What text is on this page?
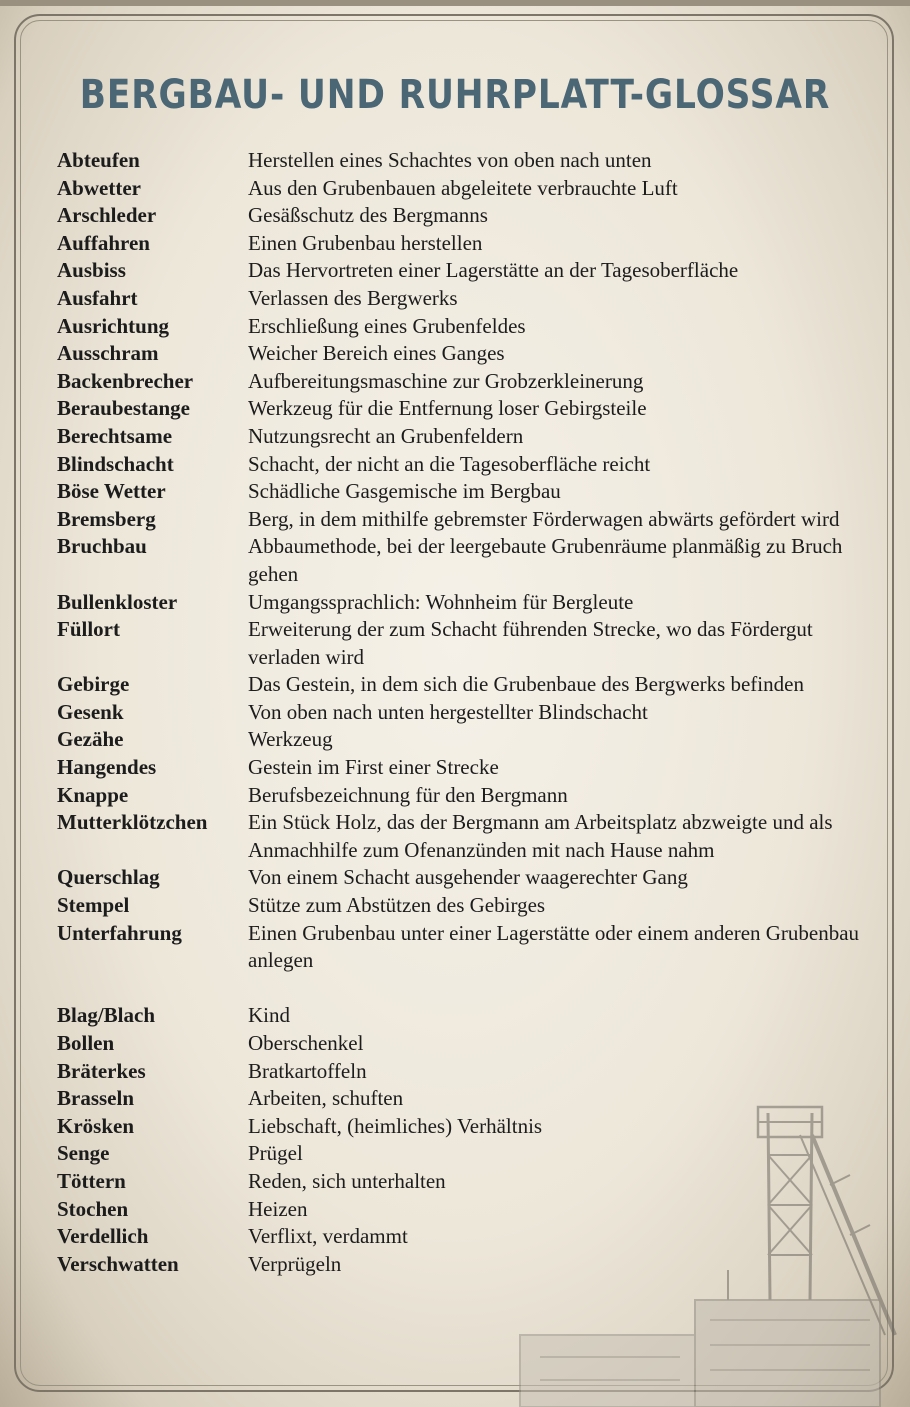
BERGBAU- UND RUHRPLATT-GLOSSAR
Abteufen	Herstellen eines Schachtes von oben nach unten
Abwetter	Aus den Grubenbauen abgeleitete verbrauchte Luft
Arschleder	Gesäßschutz des Bergmanns
Auffahren	Einen Grubenbau herstellen
Ausbiss	Das Hervortreten einer Lagerstätte an der Tagesoberfläche
Ausfahrt	Verlassen des Bergwerks
Ausrichtung	Erschließung eines Grubenfeldes
Ausschram	Weicher Bereich eines Ganges
Backenbrecher	Aufbereitungsmaschine zur Grobzerkleinerung
Beraubestange	Werkzeug für die Entfernung loser Gebirgsteile
Berechtsame	Nutzungsrecht an Grubenfeldern
Blindschacht	Schacht, der nicht an die Tagesoberfläche reicht
Böse Wetter	Schädliche Gasgemische im Bergbau
Bremsberg	Berg, in dem mithilfe gebremster Förderwagen abwärts gefördert wird
Bruchbau	Abbaumethode, bei der leergebaute Grubenräume planmäßig zu Bruch gehen
Bullenkloster	Umgangssprachlich: Wohnheim für Bergleute
Füllort	Erweiterung der zum Schacht führenden Strecke, wo das Fördergut verladen wird
Gebirge	Das Gestein, in dem sich die Grubenbaue des Bergwerks befinden
Gesenk	Von oben nach unten hergestellter Blindschacht
Gezähe	Werkzeug
Hangendes	Gestein im First einer Strecke
Knappe	Berufsbezeichnung für den Bergmann
Mutterklötzchen	Ein Stück Holz, das der Bergmann am Arbeitsplatz abzweigte und als Anmachhilfe zum Ofenanzünden mit nach Hause nahm
Querschlag	Von einem Schacht ausgehender waagerechter Gang
Stempel	Stütze zum Abstützen des Gebirges
Unterfahrung	Einen Grubenbau unter einer Lagerstätte oder einem anderen Grubenbau anlegen
Blag/Blach	Kind
Bollen	Oberschenkel
Bräterkes	Bratkartoffeln
Brasseln	Arbeiten, schuften
Krösken	Liebschaft, (heimliches) Verhältnis
Senge	Prügel
Töttern	Reden, sich unterhalten
Stochen	Heizen
Verdellich	Verflixt, verdammt
Verschwatten	Verprügeln
